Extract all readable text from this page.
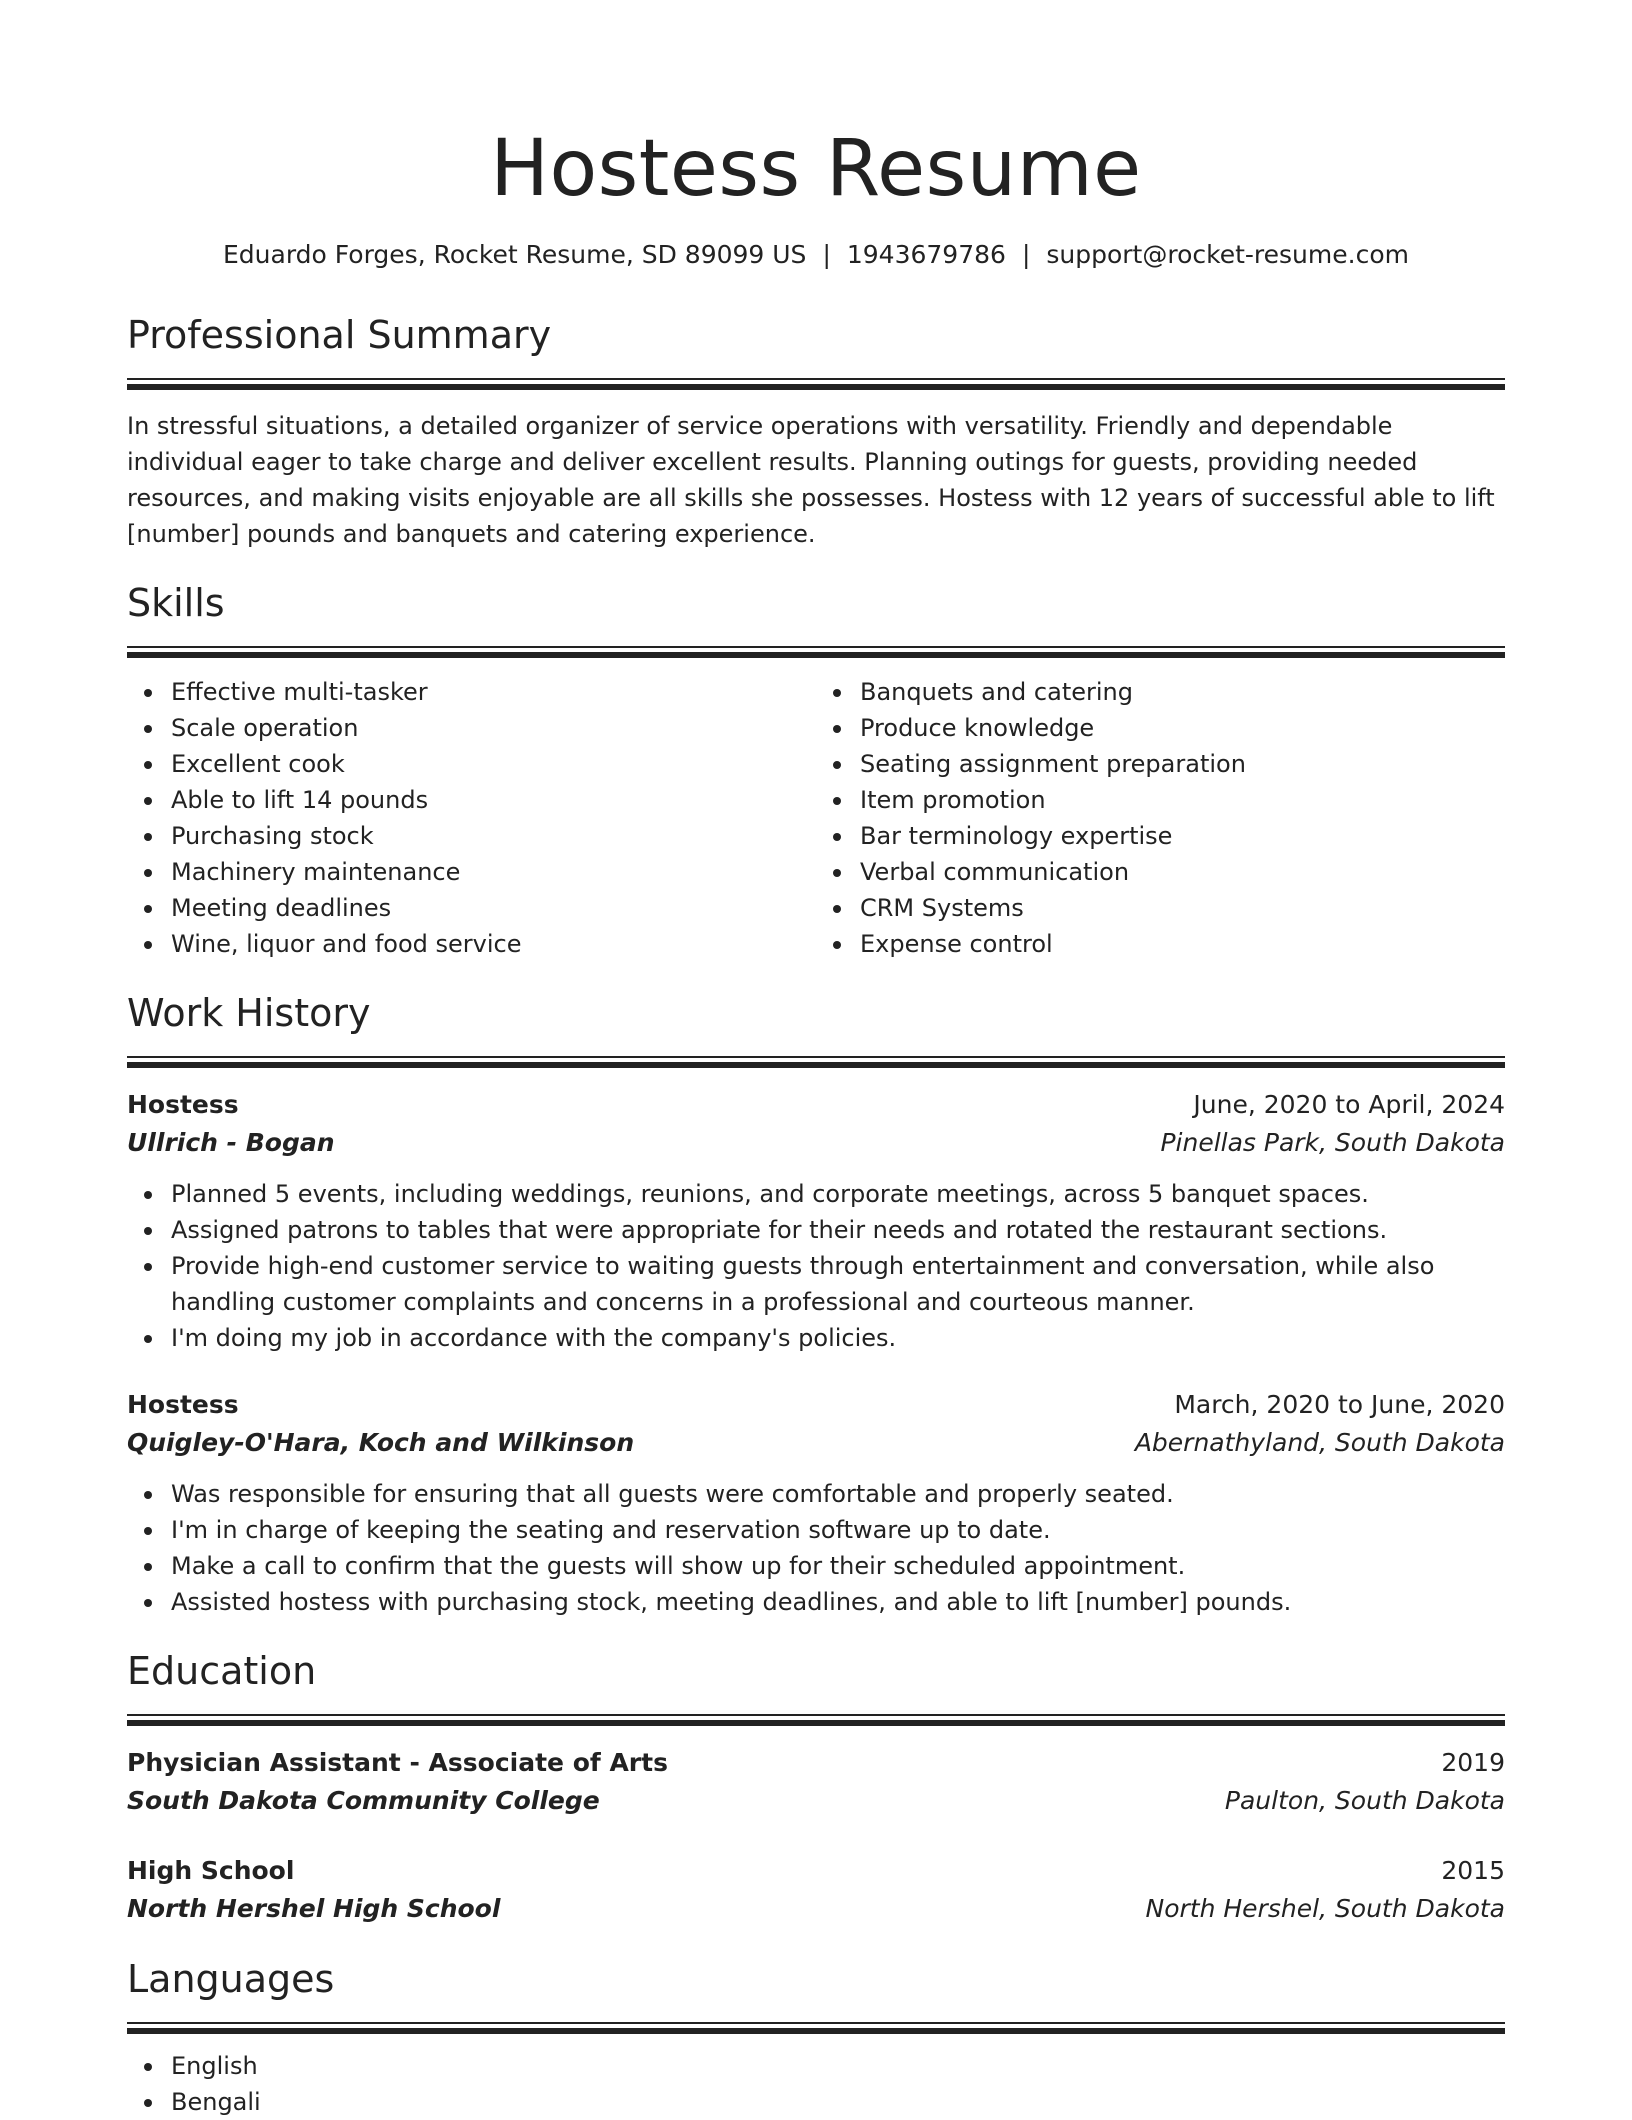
Hostess Resume
Eduardo Forges, Rocket Resume, SD 89099 US | 1943679786 | support@rocket-resume.com
Professional Summary
In stressful situations, a detailed organizer of service operations with versatility. Friendly and dependable individual eager to take charge and deliver excellent results. Planning outings for guests, providing needed resources, and making visits enjoyable are all skills she possesses. Hostess with 12 years of successful able to lift [number] pounds and banquets and catering experience.
Skills
Effective multi-tasker
Scale operation
Excellent cook
Able to lift 14 pounds
Purchasing stock
Machinery maintenance
Meeting deadlines
Wine, liquor and food service
Banquets and catering
Produce knowledge
Seating assignment preparation
Item promotion
Bar terminology expertise
Verbal communication
CRM Systems
Expense control
Work History
Hostess	June, 2020 to April, 2024
Ullrich - Bogan	Pinellas Park, South Dakota
Planned 5 events, including weddings, reunions, and corporate meetings, across 5 banquet spaces.
Assigned patrons to tables that were appropriate for their needs and rotated the restaurant sections.
Provide high-end customer service to waiting guests through entertainment and conversation, while also handling customer complaints and concerns in a professional and courteous manner.
I'm doing my job in accordance with the company's policies.
Hostess	March, 2020 to June, 2020
Quigley-O'Hara, Koch and Wilkinson	Abernathyland, South Dakota
Was responsible for ensuring that all guests were comfortable and properly seated.
I'm in charge of keeping the seating and reservation software up to date.
Make a call to confirm that the guests will show up for their scheduled appointment.
Assisted hostess with purchasing stock, meeting deadlines, and able to lift [number] pounds.
Education
Physician Assistant - Associate of Arts	2019
South Dakota Community College	Paulton, South Dakota
High School	2015
North Hershel High School	North Hershel, South Dakota
Languages
English
Bengali
